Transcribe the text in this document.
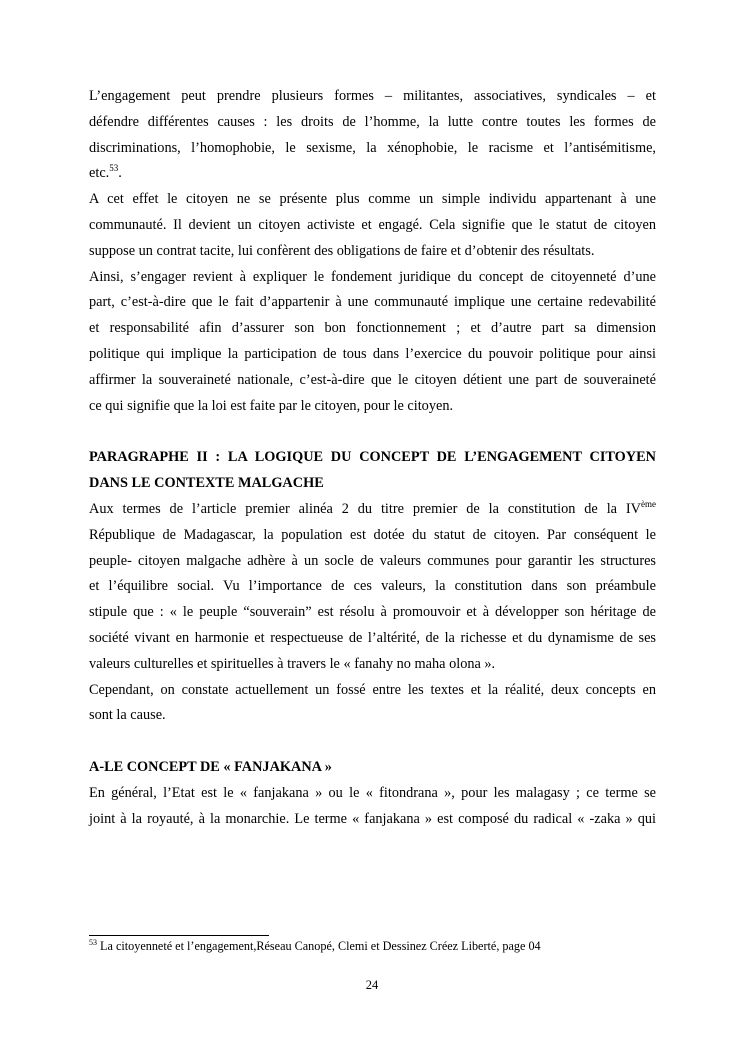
L’engagement peut prendre plusieurs formes – militantes, associatives, syndicales – et
défendre différentes causes : les droits de l’homme, la lutte contre toutes les formes de
discriminations, l’homophobie, le sexisme, la xénophobie, le racisme et l’antisémitisme,
etc.$^{53}$.
A cet effet le citoyen ne se présente plus comme un simple individu appartenant à une
communauté. Il devient un citoyen activiste et engagé. Cela signifie que le statut de citoyen
suppose un contrat tacite, lui confèrent des obligations de faire et d’obtenir des résultats.
Ainsi, s’engager revient à expliquer le fondement juridique du concept de citoyenneté d’une
part, c’est-à-dire que le fait d’appartenir à une communauté implique une certaine redevabilité
et responsabilité afin d’assurer son bon fonctionnement ; et d’autre part sa dimension
politique qui implique la participation de tous dans l’exercice du pouvoir politique pour ainsi
affirmer la souveraineté nationale, c’est-à-dire que le citoyen détient une part de souveraineté
ce qui signifie que la loi est faite par le citoyen, pour le citoyen.
PARAGRAPHE II : LA LOGIQUE DU CONCEPT DE L’ENGAGEMENT CITOYEN
DANS LE CONTEXTE MALGACHE
Aux termes de l’article premier alinéa 2 du titre premier de la constitution de la IVème
République de Madagascar, la population est dotée du statut de citoyen. Par conséquent le
peuple- citoyen malgache adhère à un socle de valeurs communes pour garantir les structures
et l’équilibre social. Vu l’importance de ces valeurs, la constitution dans son préambule
stipule que : « le peuple “souverain” est résolu à promouvoir et à développer son héritage de
société vivant en harmonie et respectueuse de l’altérité, de la richesse et du dynamisme de ses
valeurs culturelles et spirituelles à travers le « fanahy no maha olona ».
Cependant, on constate actuellement un fossé entre les textes et la réalité, deux concepts en
sont la cause.
A-LE CONCEPT DE « FANJAKANA »
En général, l’Etat est le « fanjakana » ou le « fitondrana », pour les malagasy ; ce terme se
joint à la royauté, à la monarchie. Le terme « fanjakana » est composé du radical « -zaka » qui
$^{53}$ La citoyenneté et l’engagement,Réseau Canopé, Clemi et Dessinez Créez Liberté, page 04
24
